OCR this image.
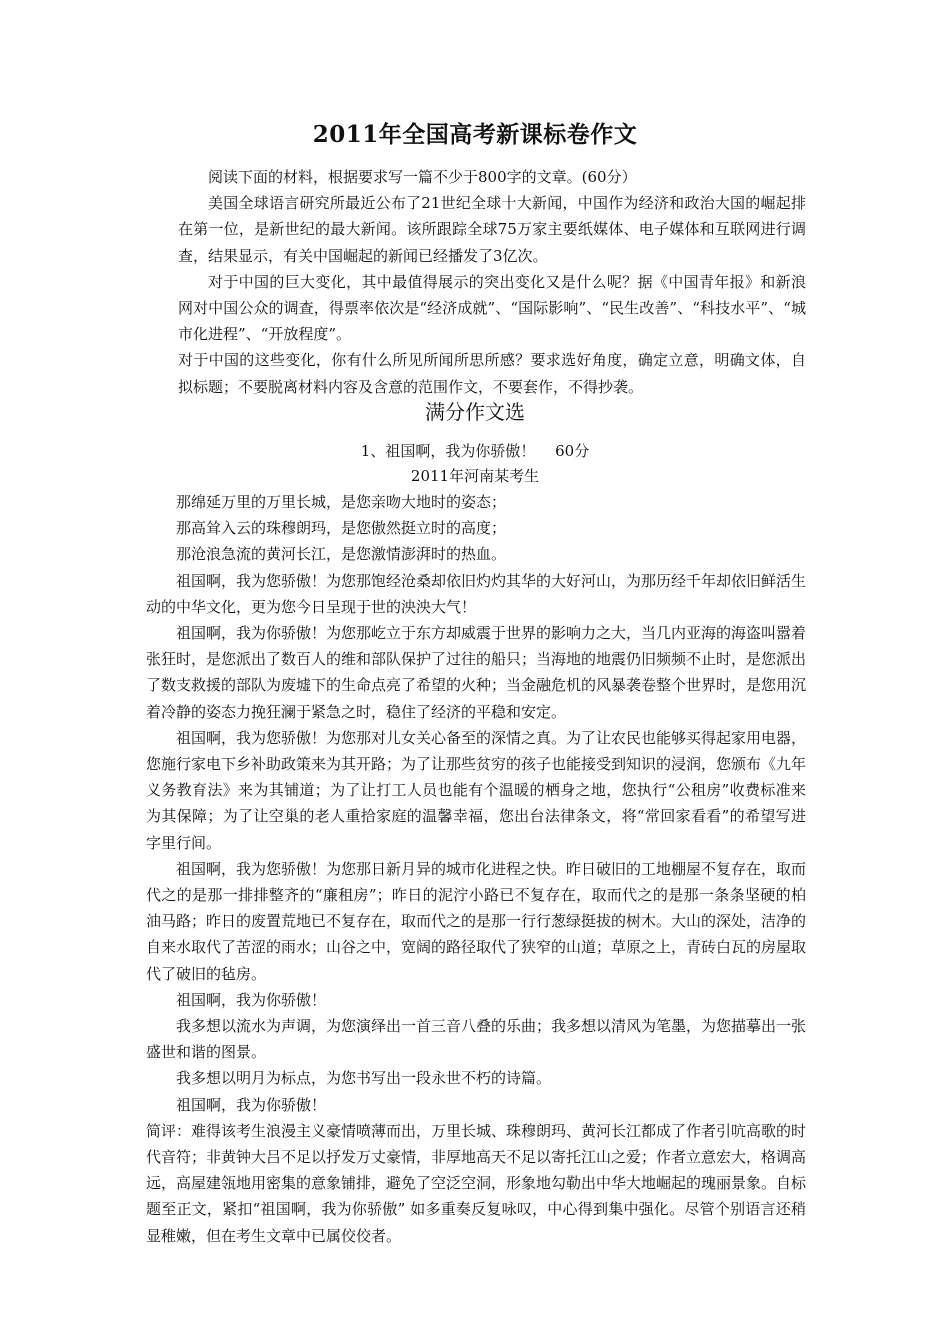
2011年全国高考新课标卷作文

阅读下面的材料，根据要求写一篇不少于800字的文章。(60分）

美国全球语言研究所最近公布了21世纪全球十大新闻，中国作为经济和政治大国的崛起排在第一位，是新世纪的最大新闻。该所跟踪全球75万家主要纸媒体、电子媒体和互联网进行调查，结果显示，有关中国崛起的新闻已经播发了3亿次。

对于中国的巨大变化，其中最值得展示的突出变化又是什么呢？据《中国青年报》和新浪网对中国公众的调查，得票率依次是“经济成就”、“国际影响”、“民生改善”、“科技水平”、“城市化进程”、“开放程度”。

对于中国的这些变化，你有什么所见所闻所思所感？要求选好角度，确定立意，明确文体，自拟标题；不要脱离材料内容及含意的范围作文，不要套作，不得抄袭。

满分作文选
1、祖国啊，我为你骄傲！　 60分
2011年河南某考生

那绵延万里的万里长城，是您亲吻大地时的姿态；

那高耸入云的珠穆朗玛，是您傲然挺立时的高度；

那沧浪急流的黄河长江，是您激情澎湃时的热血。

祖国啊，我为您骄傲！为您那饱经沧桑却依旧灼灼其华的大好河山，为那历经千年却依旧鲜活生动的中华文化，更为您今日呈现于世的泱泱大气！

祖国啊，我为你骄傲！为您那屹立于东方却威震于世界的影响力之大，当几内亚海的海盗叫嚣着张狂时，是您派出了数百人的维和部队保护了过往的船只；当海地的地震仍旧频频不止时，是您派出了数支救援的部队为废墟下的生命点亮了希望的火种；当金融危机的风暴袭卷整个世界时，是您用沉着冷静的姿态力挽狂澜于紧急之时，稳住了经济的平稳和安定。

祖国啊，我为您骄傲！为您那对儿女关心备至的深情之真。为了让农民也能够买得起家用电器，您施行家电下乡补助政策来为其开路；为了让那些贫穷的孩子也能接受到知识的浸润，您颁布《九年义务教育法》来为其铺道；为了让打工人员也能有个温暖的栖身之地，您执行“公租房”收费标准来为其保障；为了让空巢的老人重拾家庭的温馨幸福，您出台法律条文，将“常回家看看”的希望写进字里行间。

祖国啊，我为您骄傲！为您那日新月异的城市化进程之快。昨日破旧的工地棚屋不复存在，取而代之的是那一排排整齐的“廉租房”；昨日的泥泞小路已不复存在，取而代之的是那一条条坚硬的柏油马路；昨日的废置荒地已不复存在，取而代之的是那一行行葱绿挺拔的树木。大山的深处，洁净的自来水取代了苦涩的雨水；山谷之中，宽阔的路径取代了狭窄的山道；草原之上，青砖白瓦的房屋取代了破旧的毡房。

祖国啊，我为你骄傲！

我多想以流水为声调，为您演绎出一首三音八叠的乐曲；我多想以清风为笔墨，为您描摹出一张盛世和谐的图景。

我多想以明月为标点，为您书写出一段永世不朽的诗篇。

祖国啊，我为你骄傲！

简评：难得该考生浪漫主义豪情喷薄而出，万里长城、珠穆朗玛、黄河长江都成了作者引吭高歌的时代音符；非黄钟大吕不足以抒发万丈豪情，非厚地高天不足以寄托江山之爱；作者立意宏大，格调高远，高屋建瓴地用密集的意象铺排，避免了空泛空洞，形象地勾勒出中华大地崛起的瑰丽景象。自标题至正文，紧扣“祖国啊，我为你骄傲” 如多重奏反复咏叹，中心得到集中强化。尽管个别语言还稍显稚嫩，但在考生文章中已属佼佼者。
